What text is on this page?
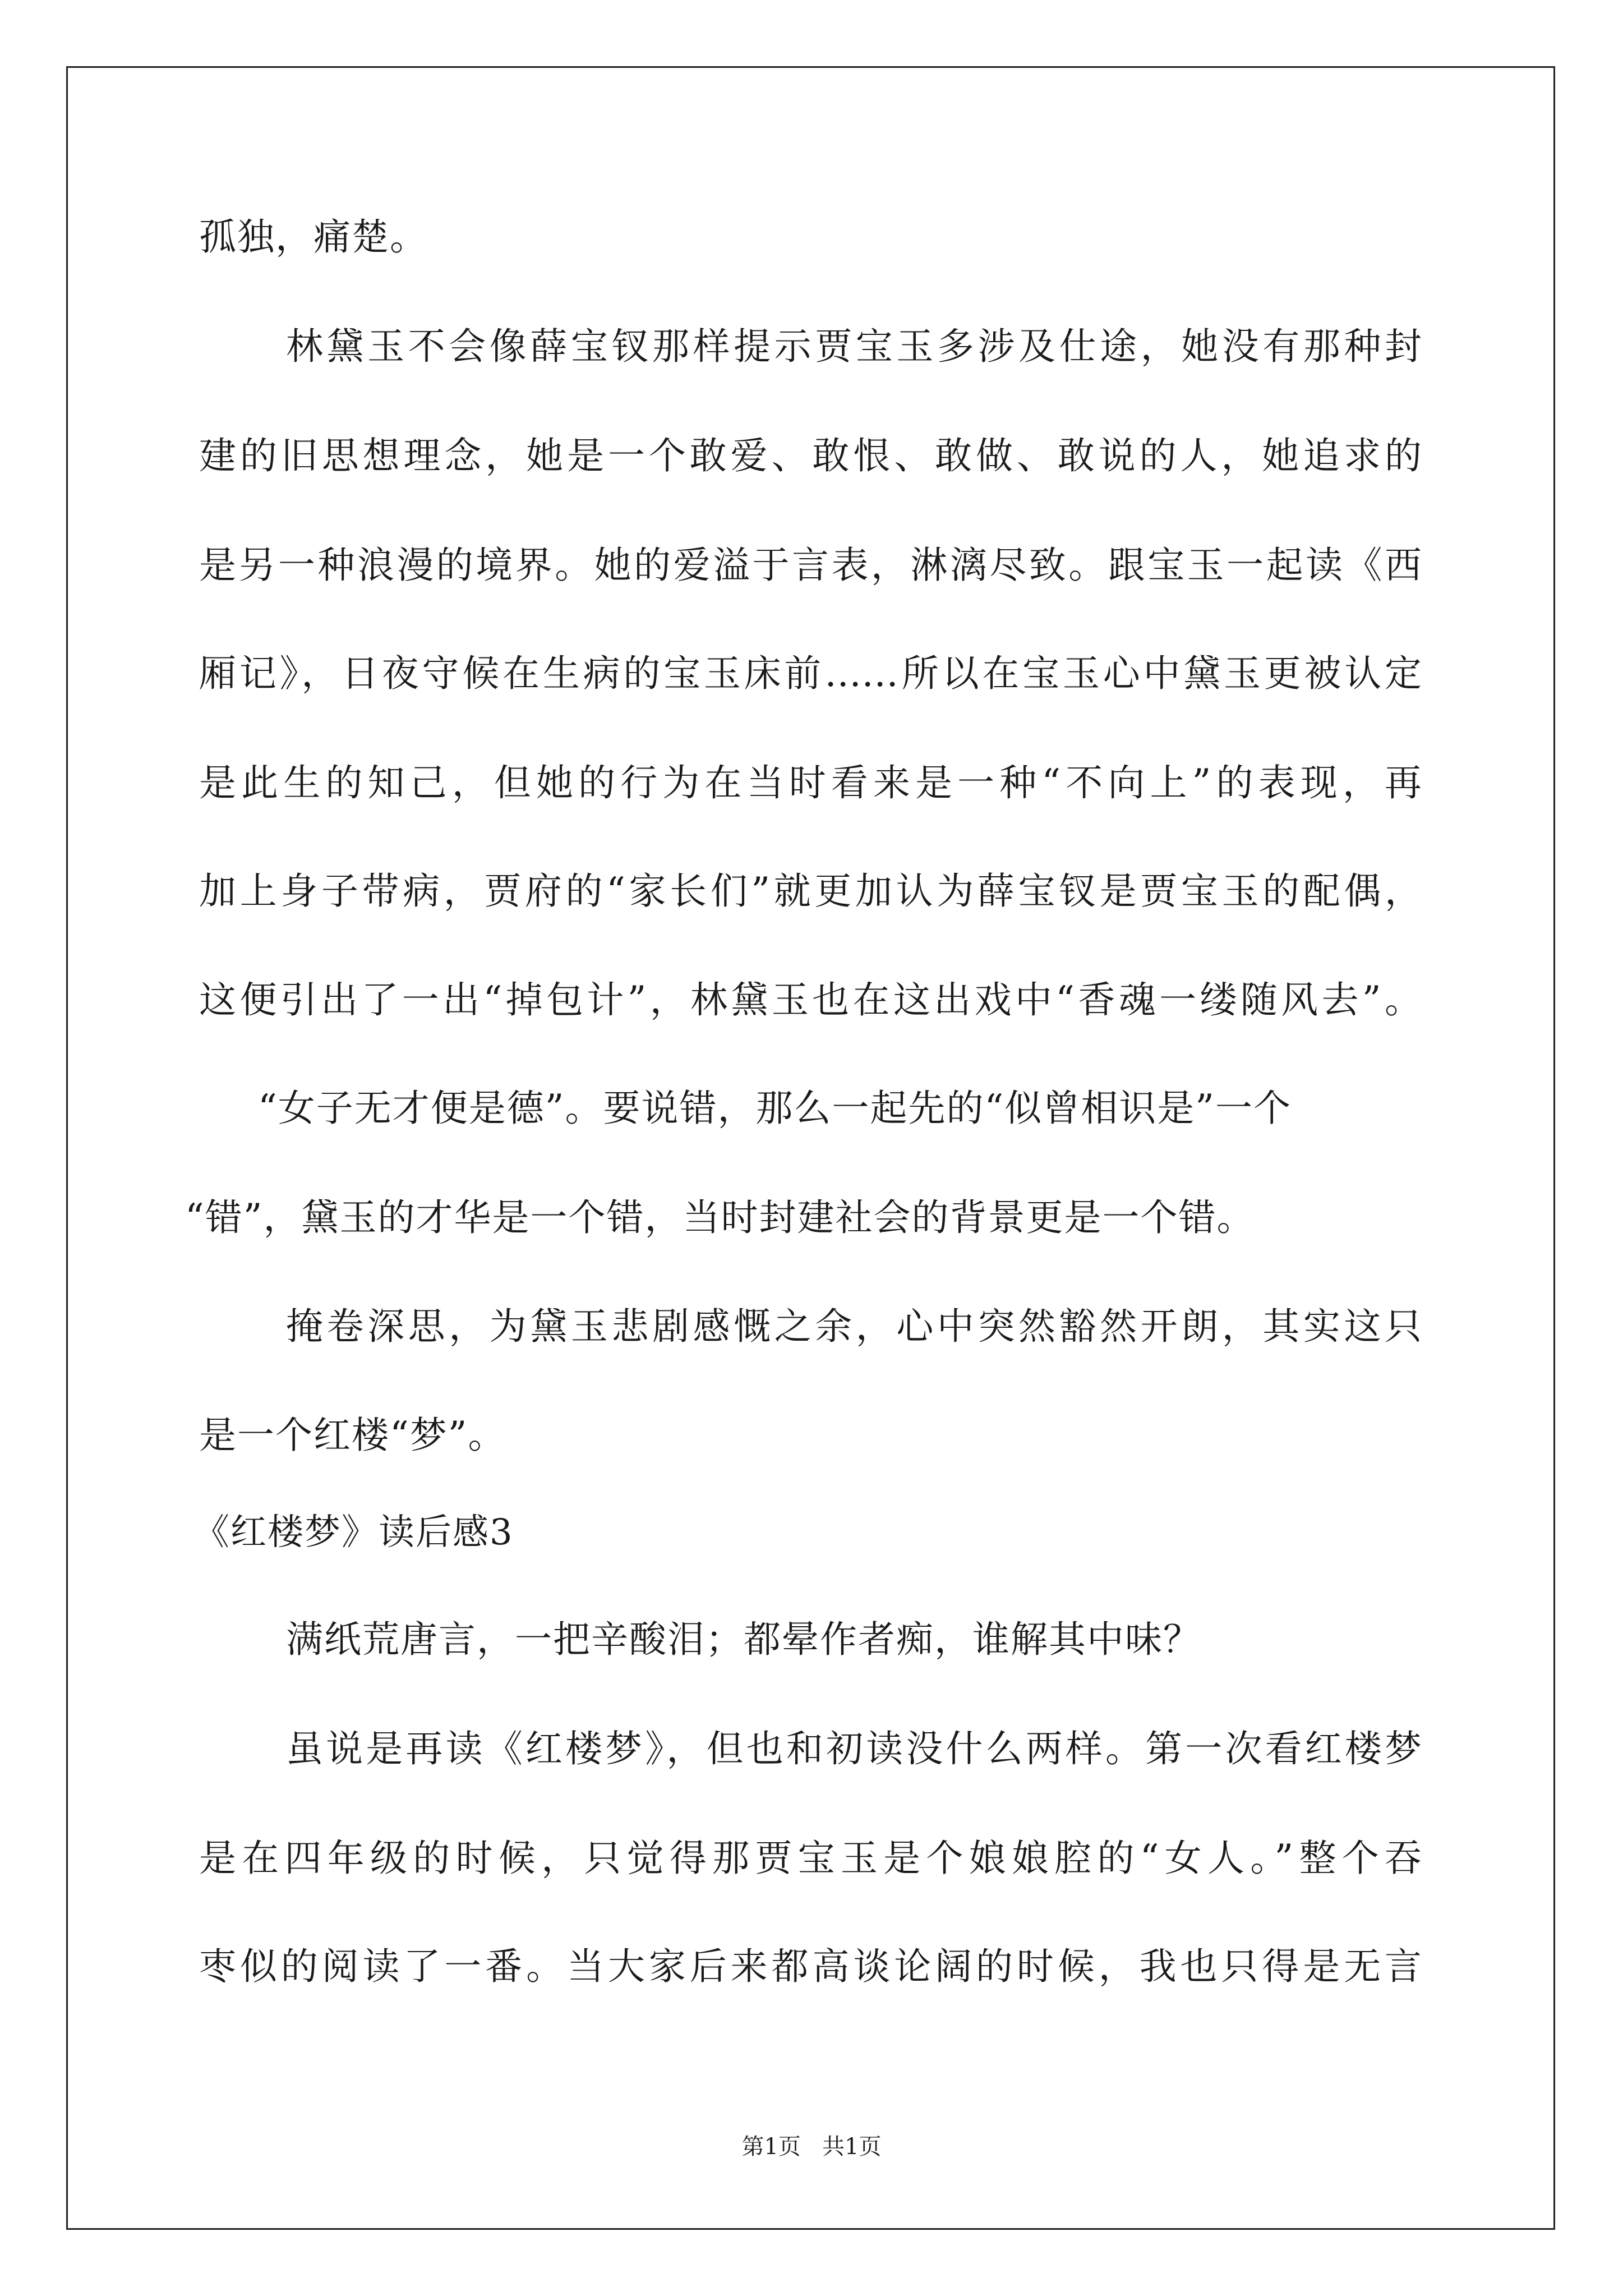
孤独，痛楚。

林黛玉不会像薛宝钗那样提示贾宝玉多涉及仕途，她没有那种封

建的旧思想理念，她是一个敢爱、敢恨、敢做、敢说的人，她追求的

是另一种浪漫的境界。她的爱溢于言表，淋漓尽致。跟宝玉一起读《西

厢记》，日夜守候在生病的宝玉床前……所以在宝玉心中黛玉更被认定

是此生的知己，但她的行为在当时看来是一种“不向上”的表现，再

加上身子带病，贾府的“家长们”就更加认为薛宝钗是贾宝玉的配偶，

这便引出了一出“掉包计”，林黛玉也在这出戏中“香魂一缕随风去”。

“女子无才便是德”。要说错，那么一起先的“似曾相识是”一个

“错”，黛玉的才华是一个错，当时封建社会的背景更是一个错。

掩卷深思，为黛玉悲剧感慨之余，心中突然豁然开朗，其实这只

是一个红楼“梦”。

《红楼梦》读后感3

满纸荒唐言，一把辛酸泪；都晕作者痴，谁解其中味？

虽说是再读《红楼梦》，但也和初读没什么两样。第一次看红楼梦

是在四年级的时候，只觉得那贾宝玉是个娘娘腔的“女人。”整个吞

枣似的阅读了一番。当大家后来都高谈论阔的时候，我也只得是无言

第1页   共1页
